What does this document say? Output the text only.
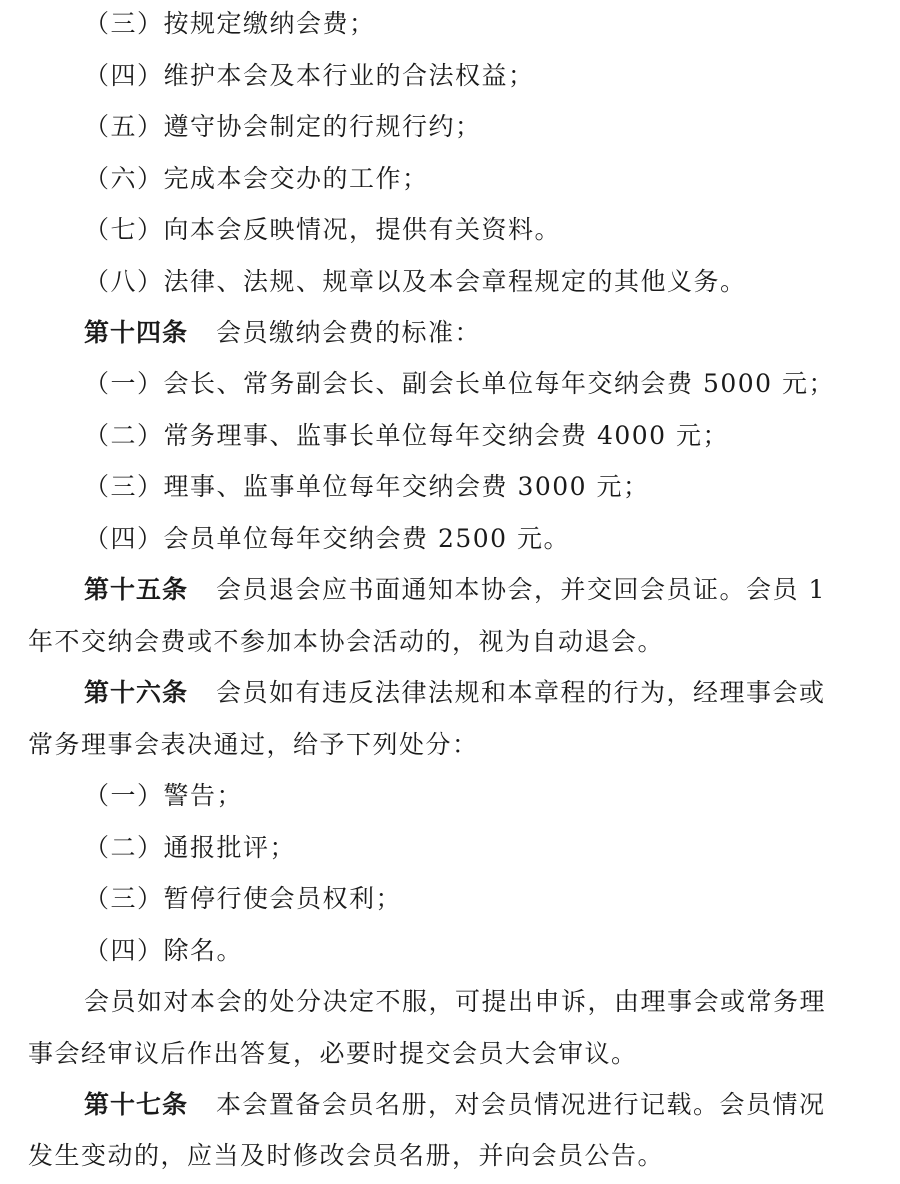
（三）按规定缴纳会费；
（四）维护本会及本行业的合法权益；
（五）遵守协会制定的行规行约；
（六）完成本会交办的工作；
（七）向本会反映情况，提供有关资料。
（八）法律、法规、规章以及本会章程规定的其他义务。
第十四条 会员缴纳会费的标准：
（一）会长、常务副会长、副会长单位每年交纳会费 5000 元；
（二）常务理事、监事长单位每年交纳会费 4000 元；
（三）理事、监事单位每年交纳会费 3000 元；
（四）会员单位每年交纳会费 2500 元。
第十五条 会员退会应书面通知本协会，并交回会员证。会员 1
年不交纳会费或不参加本协会活动的，视为自动退会。
第十六条 会员如有违反法律法规和本章程的行为，经理事会或
常务理事会表决通过，给予下列处分：
（一）警告；
（二）通报批评；
（三）暂停行使会员权利；
（四）除名。
会员如对本会的处分决定不服，可提出申诉，由理事会或常务理
事会经审议后作出答复，必要时提交会员大会审议。
第十七条 本会置备会员名册，对会员情况进行记载。会员情况
发生变动的，应当及时修改会员名册，并向会员公告。
